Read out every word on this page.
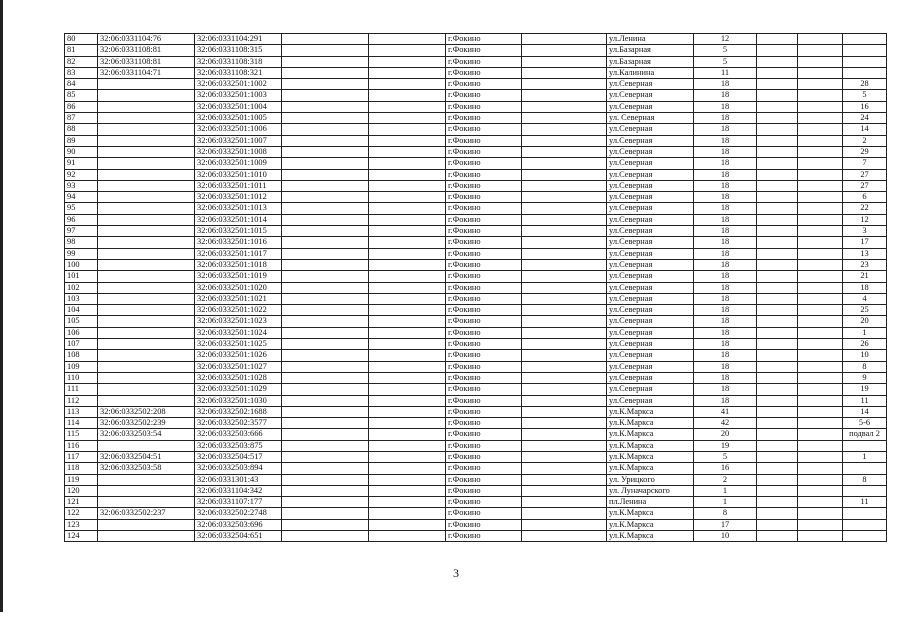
80	32:06:0331104:76	32:06:0331104:291			г.Фокино		ул.Ленина	12			
81	32:06:0331108:81	32:06:0331108:315			г.Фокино		ул.Базарная	5			
82	32:06:0331108:81	32:06:0331108:318			г.Фокино		ул.Базарная	5			
83	32:06:0331104:71	32:06:0331108:321			г.Фокино		ул.Калинина	11			
84		32:06:0332501:1002			г.Фокино		ул.Северная	18			28
85		32:06:0332501:1003			г.Фокино		ул.Северная	18			5
86		32:06:0332501:1004			г.Фокино		ул.Северная	18			16
87		32:06:0332501:1005			г.Фокино		ул. Северная	18			24
88		32:06:0332501:1006			г.Фокино		ул.Северная	18			14
89		32:06:0332501:1007			г.Фокино		ул.Северная	18			2
90		32:06:0332501:1008			г.Фокино		ул.Северная	18			29
91		32:06:0332501:1009			г.Фокино		ул.Северная	18			7
92		32:06:0332501:1010			г.Фокино		ул.Северная	18			27
93		32:06:0332501:1011			г.Фокино		ул.Северная	18			27
94		32:06:0332501:1012			г.Фокино		ул.Северная	18			6
95		32:06:0332501:1013			г.Фокино		ул.Северная	18			22
96		32:06:0332501:1014			г.Фокино		ул.Северная	18			12
97		32:06:0332501:1015			г.Фокино		ул.Северная	18			3
98		32:06:0332501:1016			г.Фокино		ул.Северная	18			17
99		32:06:0332501:1017			г.Фокино		ул.Северная	18			13
100		32:06:0332501:1018			г.Фокино		ул.Северная	18			23
101		32:06:0332501:1019			г.Фокино		ул.Северная	18			21
102		32:06:0332501:1020			г.Фокино		ул.Северная	18			18
103		32:06:0332501:1021			г.Фокино		ул.Северная	18			4
104		32:06:0332501:1022			г.Фокино		ул.Северная	18			25
105		32:06:0332501:1023			г.Фокино		ул.Северная	18			20
106		32:06:0332501:1024			г.Фокино		ул.Северная	18			1
107		32:06:0332501:1025			г.Фокино		ул.Северная	18			26
108		32:06:0332501:1026			г.Фокино		ул.Северная	18			10
109		32:06:0332501:1027			г.Фокино		ул.Северная	18			8
110		32:06:0332501:1028			г.Фокино		ул.Северная	18			9
111		32:06:0332501:1029			г.Фокино		ул.Северная	18			19
112		32:06:0332501:1030			г.Фокино		ул.Северная	18			11
113	32:06:0332502:208	32:06:0332502:1688			г.Фокино		ул.К.Маркса	41			14
114	32:06:0332502:239	32:06:0332502:3577			г.Фокино		ул.К.Маркса	42			5-6
115	32:06:0332503:54	32:06:0332503:666			г.Фокино		ул.К.Маркса	20			подвал 2
116		32:06:0332503:875			г.Фокино		ул.К.Маркса	19			
117	32:06:0332504:51	32:06:0332504:517			г.Фокино		ул.К.Маркса	5			1
118	32:06:0332503:58	32:06:0332503:894			г.Фокино		ул.К.Маркса	16			
119		32:06:0331301:43			г.Фокино		ул. Урицкого	2			8
120		32:06:0331104:342			г.Фокино		ул. Луначарского	1			
121		32:06:0331107:177			г.Фокино		пл.Ленина	1			11
122	32:06:0332502:237	32:06:0332502:2748			г.Фокино		ул.К.Маркса	8			
123		32:06:0332503:696			г.Фокино		ул.К.Маркса	17			
124		32:06:0332504:651			г.Фокино		ул.К.Маркса	10			
3
